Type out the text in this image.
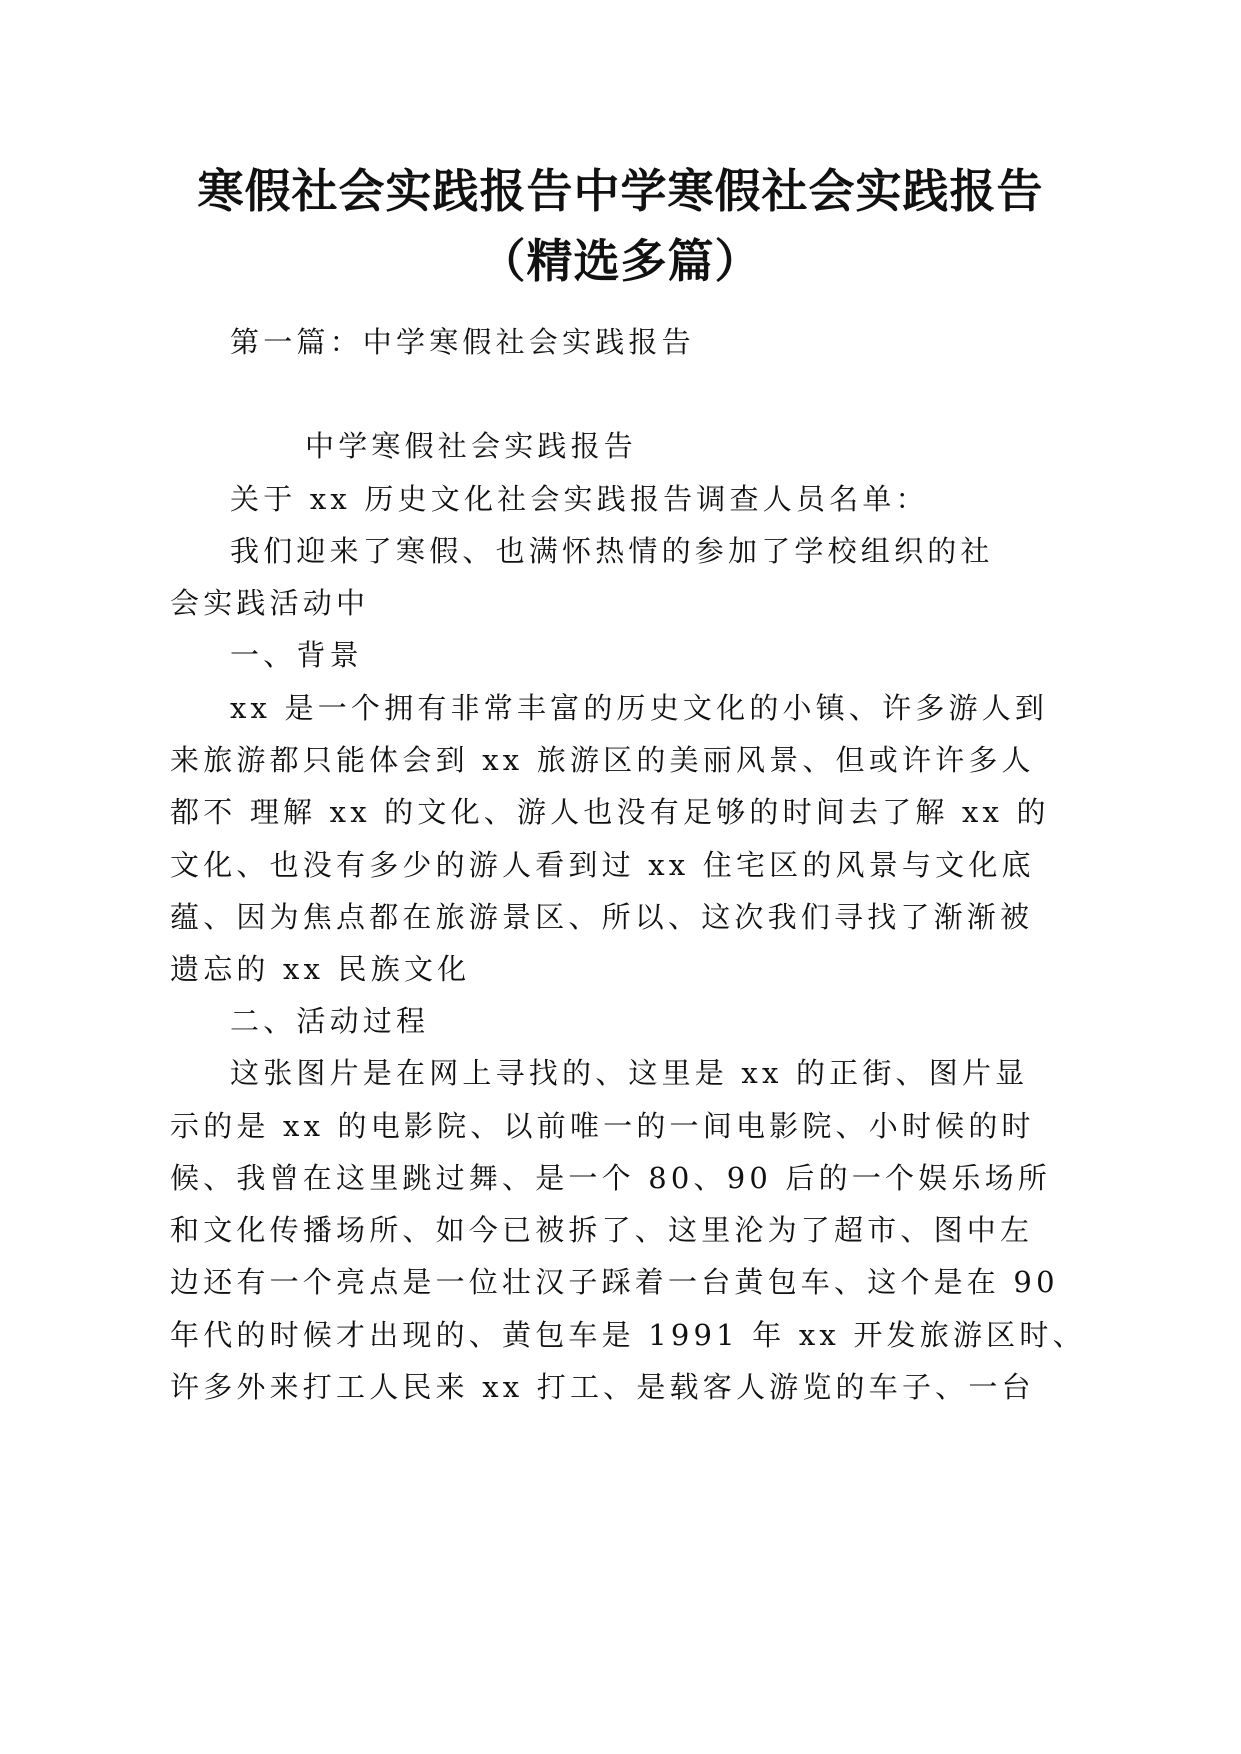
寒假社会实践报告中学寒假社会实践报告
（精选多篇）

第一篇：中学寒假社会实践报告

中学寒假社会实践报告

关于 xx 历史文化社会实践报告调查人员名单：

我们迎来了寒假、也满怀热情的参加了学校组织的社

会实践活动中

一、背景

xx 是一个拥有非常丰富的历史文化的小镇、许多游人到

来旅游都只能体会到 xx 旅游区的美丽风景、但或许许多人

都不 理解 xx 的文化、游人也没有足够的时间去了解 xx 的

文化、也没有多少的游人看到过 xx 住宅区的风景与文化底

蕴、因为焦点都在旅游景区、所以、这次我们寻找了渐渐被

遗忘的 xx 民族文化

二、活动过程

这张图片是在网上寻找的、这里是 xx 的正街、图片显

示的是 xx 的电影院、以前唯一的一间电影院、小时候的时

候、我曾在这里跳过舞、是一个 80、90 后的一个娱乐场所

和文化传播场所、如今已被拆了、这里沦为了超市、图中左

边还有一个亮点是一位壮汉子踩着一台黄包车、这个是在 90

年代的时候才出现的、黄包车是 1991 年 xx 开发旅游区时、

许多外来打工人民来 xx 打工、是载客人游览的车子、一台
